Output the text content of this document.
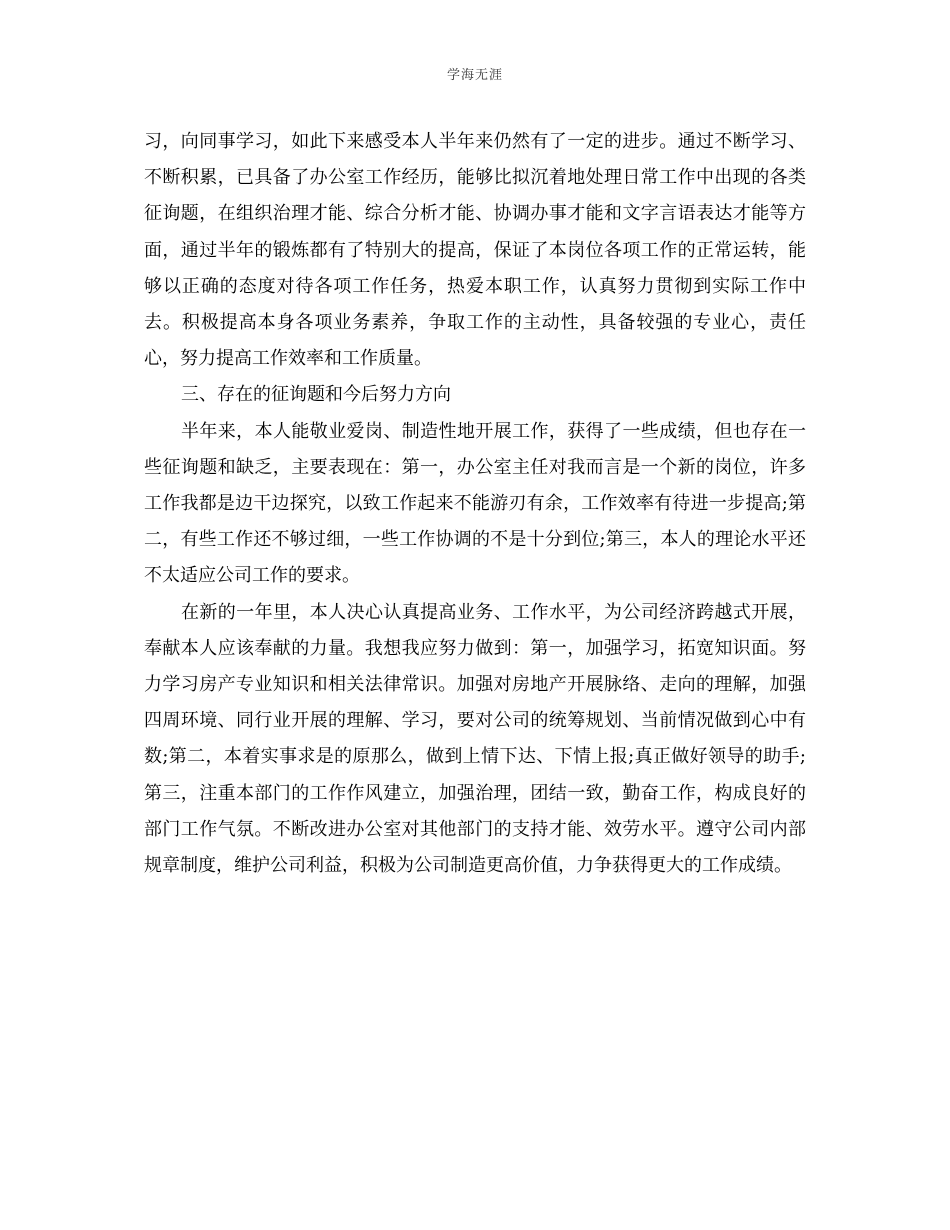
学海无涯

习，向同事学习，如此下来感受本人半年来仍然有了一定的进步。通过不断学习、不断积累，已具备了办公室工作经历，能够比拟沉着地处理日常工作中出现的各类征询题，在组织治理才能、综合分析才能、协调办事才能和文字言语表达才能等方面，通过半年的锻炼都有了特别大的提高，保证了本岗位各项工作的正常运转，能够以正确的态度对待各项工作任务，热爱本职工作，认真努力贯彻到实际工作中去。积极提高本身各项业务素养，争取工作的主动性，具备较强的专业心，责任心，努力提高工作效率和工作质量。

三、存在的征询题和今后努力方向

半年来，本人能敬业爱岗、制造性地开展工作，获得了一些成绩，但也存在一些征询题和缺乏，主要表现在：第一，办公室主任对我而言是一个新的岗位，许多工作我都是边干边探究，以致工作起来不能游刃有余，工作效率有待进一步提高;第二，有些工作还不够过细，一些工作协调的不是十分到位;第三，本人的理论水平还不太适应公司工作的要求。

在新的一年里，本人决心认真提高业务、工作水平，为公司经济跨越式开展，奉献本人应该奉献的力量。我想我应努力做到：第一，加强学习，拓宽知识面。努力学习房产专业知识和相关法律常识。加强对房地产开展脉络、走向的理解，加强四周环境、同行业开展的理解、学习，要对公司的统筹规划、当前情况做到心中有数;第二，本着实事求是的原那么，做到上情下达、下情上报;真正做好领导的助手;第三，注重本部门的工作作风建立，加强治理，团结一致，勤奋工作，构成良好的部门工作气氛。不断改进办公室对其他部门的支持才能、效劳水平。遵守公司内部规章制度，维护公司利益，积极为公司制造更高价值，力争获得更大的工作成绩。
